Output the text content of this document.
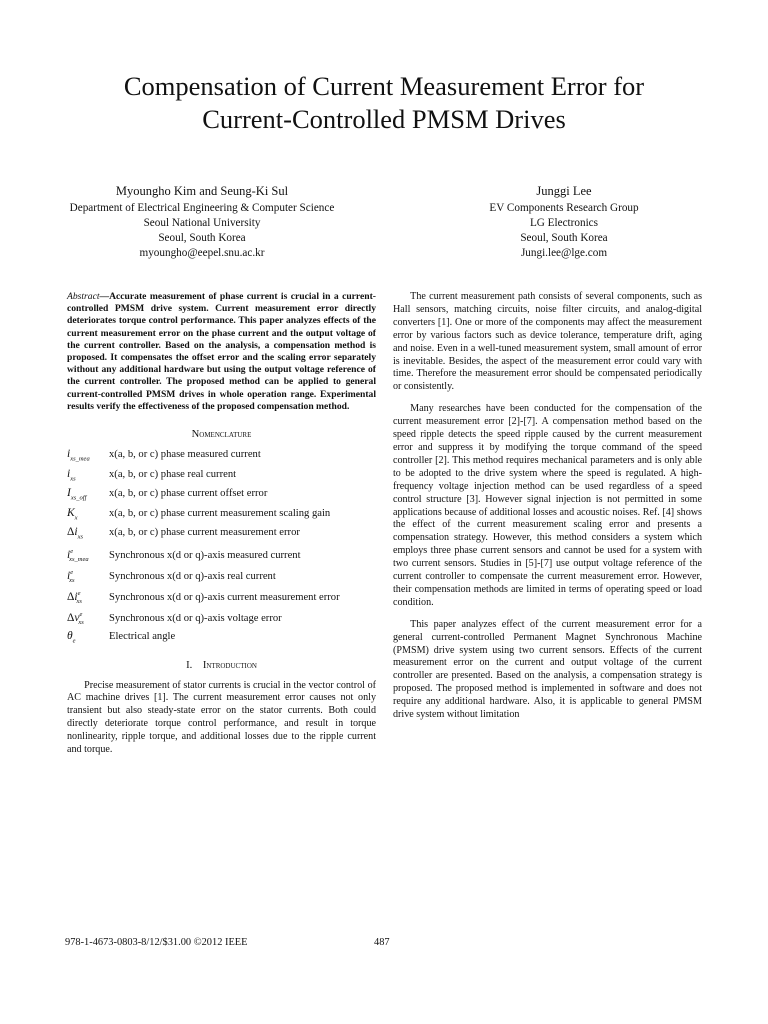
Compensation of Current Measurement Error for
Current-Controlled PMSM Drives
Myoungho Kim and Seung-Ki Sul
Department of Electrical Engineering & Computer Science
Seoul National University
Seoul, South Korea
myoungho@eepel.snu.ac.kr
Junggi Lee
EV Components Research Group
LG Electronics
Seoul, South Korea
Jungi.lee@lge.com

Abstract—Accurate measurement of phase current is crucial in a current-controlled PMSM drive system. Current measurement error directly deteriorates torque control performance. This paper analyzes effects of the current measurement error on the phase current and the output voltage of the current controller. Based on the analysis, a compensation method is proposed. It compensates the offset error and the scaling error separately without any additional hardware but using the output voltage reference of the current controller. The proposed method can be applied to general current-controlled PMSM drives in whole operation range. Experimental results verify the effectiveness of the proposed compensation method.

Nomenclature
$i_{xs\_mea}$	x(a, b, or c) phase measured current
$i_{xs}$	x(a, b, or c) phase real current
$I_{xs\_off}$	x(a, b, or c) phase current offset error
$K_x$	x(a, b, or c) phase current measurement scaling gain
$\Delta i_{xs}$	x(a, b, or c) phase current measurement error
$i^e_{xs\_mea}$	Synchronous x(d or q)-axis measured current
$i^e_{xs}$	Synchronous x(d or q)-axis real current
$\Delta i^e_{xs}$	Synchronous x(d or q)-axis current measurement error
$\Delta v^e_{xs}$	Synchronous x(d or q)-axis voltage error
$\theta_e$	Electrical angle
I. Introduction

Precise measurement of stator currents is crucial in the vector control of AC machine drives [1]. The current measurement error causes not only transient but also steady-state error on the stator currents. Both could directly deteriorate torque control performance, and result in torque nonlinearity, ripple torque, and additional losses due to the ripple current and torque.

The current measurement path consists of several components, such as Hall sensors, matching circuits, noise filter circuits, and analog-digital converters [1]. One or more of the components may affect the measurement error by various factors such as device tolerance, temperature drift, aging and noise. Even in a well-tuned measurement system, small amount of error is inevitable. Besides, the aspect of the measurement error could vary with time. Therefore the measurement error should be compensated periodically or consistently.

Many researches have been conducted for the compensation of the current measurement error [2]-[7]. A compensation method based on the speed ripple detects the speed ripple caused by the current measurement error and suppress it by modifying the torque command of the speed controller [2]. This method requires mechanical parameters and is only able to be adopted to the drive system where the speed is regulated. A high-frequency voltage injection method can be used regardless of a speed control structure [3]. However signal injection is not permitted in some applications because of additional losses and acoustic noises. Ref. [4] shows the effect of the current measurement scaling error and presents a compensation strategy. However, this method considers a system which employs three phase current sensors and cannot be used for a system with two current sensors. Studies in [5]-[7] use output voltage reference of the current controller to compensate the current measurement error. However, their compensation methods are limited in terms of operating speed or load condition.

This paper analyzes effect of the current measurement error for a general current-controlled Permanent Magnet Synchronous Machine (PMSM) drive system using two current sensors. Effects of the current measurement error on the current and output voltage of the current controller are presented. Based on the analysis, a compensation strategy is proposed. The proposed method is implemented in software and does not require any additional hardware. Also, it is applicable to general PMSM drive system without limitation

978-1-4673-0803-8/12/$31.00 ©2012 IEEE	487
